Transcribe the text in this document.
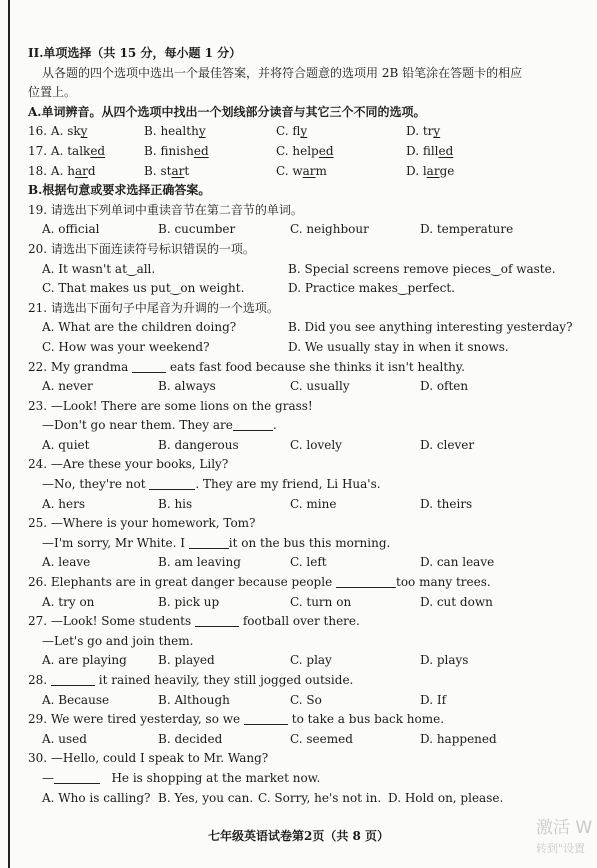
II.单项选择（共 15 分，每小题 1 分）
从各题的四个选项中选出一个最佳答案，并将符合题意的选项用 2B 铅笔涂在答题卡的相应
位置上。
A.单词辨音。从四个选项中找出一个划线部分读音与其它三个不同的选项。
16. A. sky	B. healthy	C. fly	D. try
17. A. talked	B. finished	C. helped	D. filled
18. A. hard	B. start	C. warm	D. large
B.根据句意或要求选择正确答案。
19. 请选出下列单词中重读音节在第二音节的单词。
A. official	B. cucumber	C. neighbour	D. temperature
20. 请选出下面连读符号标识错误的一项。
A. It wasn't at‿all.	B. Special screens remove pieces‿of waste.
C. That makes us put‿on weight.	D. Practice makes‿perfect.
21. 请选出下面句子中尾音为升调的一个选项。
A. What are the children doing?	B. Did you see anything interesting yesterday?
C. How was your weekend?	D. We usually stay in when it snows.
22. My grandma	eats fast food because she thinks it isn't healthy.
A. never	B. always	C. usually	D. often
23. —Look! There are some lions on the grass!
—Don't go near them. They are	.
A. quiet	B. dangerous	C. lovely	D. clever
24. —Are these your books, Lily?
—No, they're not	. They are my friend, Li Hua's.
A. hers	B. his	C. mine	D. theirs
25. —Where is your homework, Tom?
—I'm sorry, Mr White. I	it on the bus this morning.
A. leave	B. am leaving	C. left	D. can leave
26. Elephants are in great danger because people	too many trees.
A. try on	B. pick up	C. turn on	D. cut down
27. —Look! Some students	football over there.
—Let's go and join them.
A. are playing	B. played	C. play	D. plays
28.	it rained heavily, they still jogged outside.
A. Because	B. Although	C. So	D. If
29. We were tired yesterday, so we	to take a bus back home.
A. used	B. decided	C. seemed	D. happened
30. —Hello, could I speak to Mr. Wang?
—	He is shopping at the market now.
A. Who is calling? B. Yes, you can. C. Sorry, he's not in. D. Hold on, please.
七年级英语试卷第2页（共 8 页）	激活 W
转到"设置
